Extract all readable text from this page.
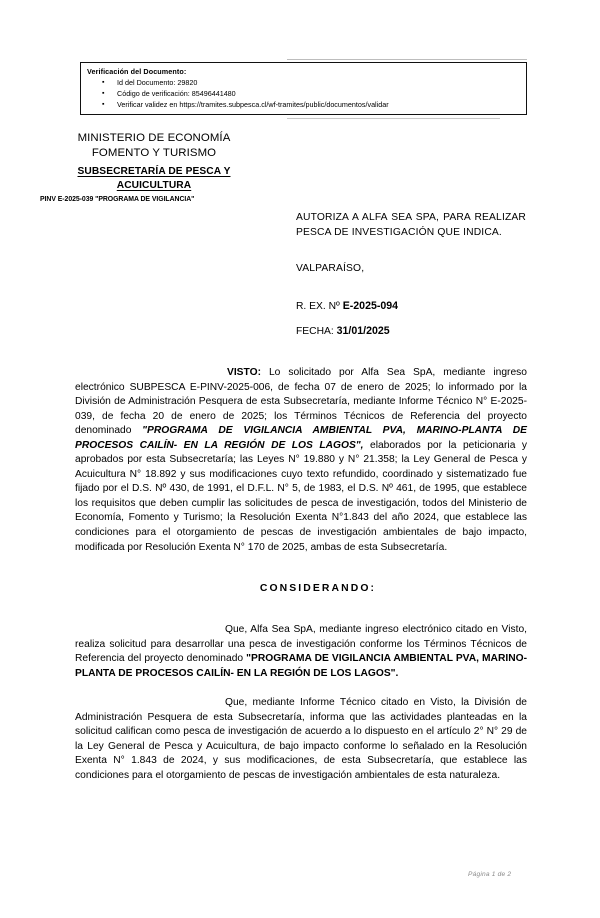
Verificación del Documento:
▪ Id del Documento: 29820
▪ Código de verificación: 85496441480
▪ Verificar validez en https://tramites.subpesca.cl/wf-tramites/public/documentos/validar
MINISTERIO DE ECONOMÍA
FOMENTO Y TURISMO
SUBSECRETARÍA DE PESCA Y
ACUICULTURA
PINV E-2025-039 "PROGRAMA DE VIGILANCIA"
AUTORIZA A ALFA SEA SPA, PARA REALIZAR PESCA DE INVESTIGACIÓN QUE INDICA.
VALPARAÍSO,
R. EX. Nº E-2025-094
FECHA: 31/01/2025

VISTO: Lo solicitado por Alfa Sea SpA, mediante ingreso electrónico SUBPESCA E-PINV-2025-006, de fecha 07 de enero de 2025; lo informado por la División de Administración Pesquera de esta Subsecretaría, mediante Informe Técnico N° E-2025-039, de fecha 20 de enero de 2025; los Términos Técnicos de Referencia del proyecto denominado "PROGRAMA DE VIGILANCIA AMBIENTAL PVA, MARINO-PLANTA DE PROCESOS CAILÍN- EN LA REGIÓN DE LOS LAGOS", elaborados por la peticionaria y aprobados por esta Subsecretaría; las Leyes N° 19.880 y N° 21.358; la Ley General de Pesca y Acuicultura N° 18.892 y sus modificaciones cuyo texto refundido, coordinado y sistematizado fue fijado por el D.S. Nº 430, de 1991, el D.F.L. N° 5, de 1983, el D.S. Nº 461, de 1995, que establece los requisitos que deben cumplir las solicitudes de pesca de investigación, todos del Ministerio de Economía, Fomento y Turismo; la Resolución Exenta N°1.843 del año 2024, que establece las condiciones para el otorgamiento de pescas de investigación ambientales de bajo impacto, modificada por Resolución Exenta N° 170 de 2025, ambas de esta Subsecretaría.

CONSIDERANDO:

Que, Alfa Sea SpA, mediante ingreso electrónico citado en Visto, realiza solicitud para desarrollar una pesca de investigación conforme los Términos Técnicos de Referencia del proyecto denominado "PROGRAMA DE VIGILANCIA AMBIENTAL PVA, MARINO-PLANTA DE PROCESOS CAILÍN- EN LA REGIÓN DE LOS LAGOS".

Que, mediante Informe Técnico citado en Visto, la División de Administración Pesquera de esta Subsecretaría, informa que las actividades planteadas en la solicitud califican como pesca de investigación de acuerdo a lo dispuesto en el artículo 2° N° 29 de la Ley General de Pesca y Acuicultura, de bajo impacto conforme lo señalado en la Resolución Exenta N° 1.843 de 2024, y sus modificaciones, de esta Subsecretaría, que establece las condiciones para el otorgamiento de pescas de investigación ambientales de esta naturaleza.

Página 1 de 2
